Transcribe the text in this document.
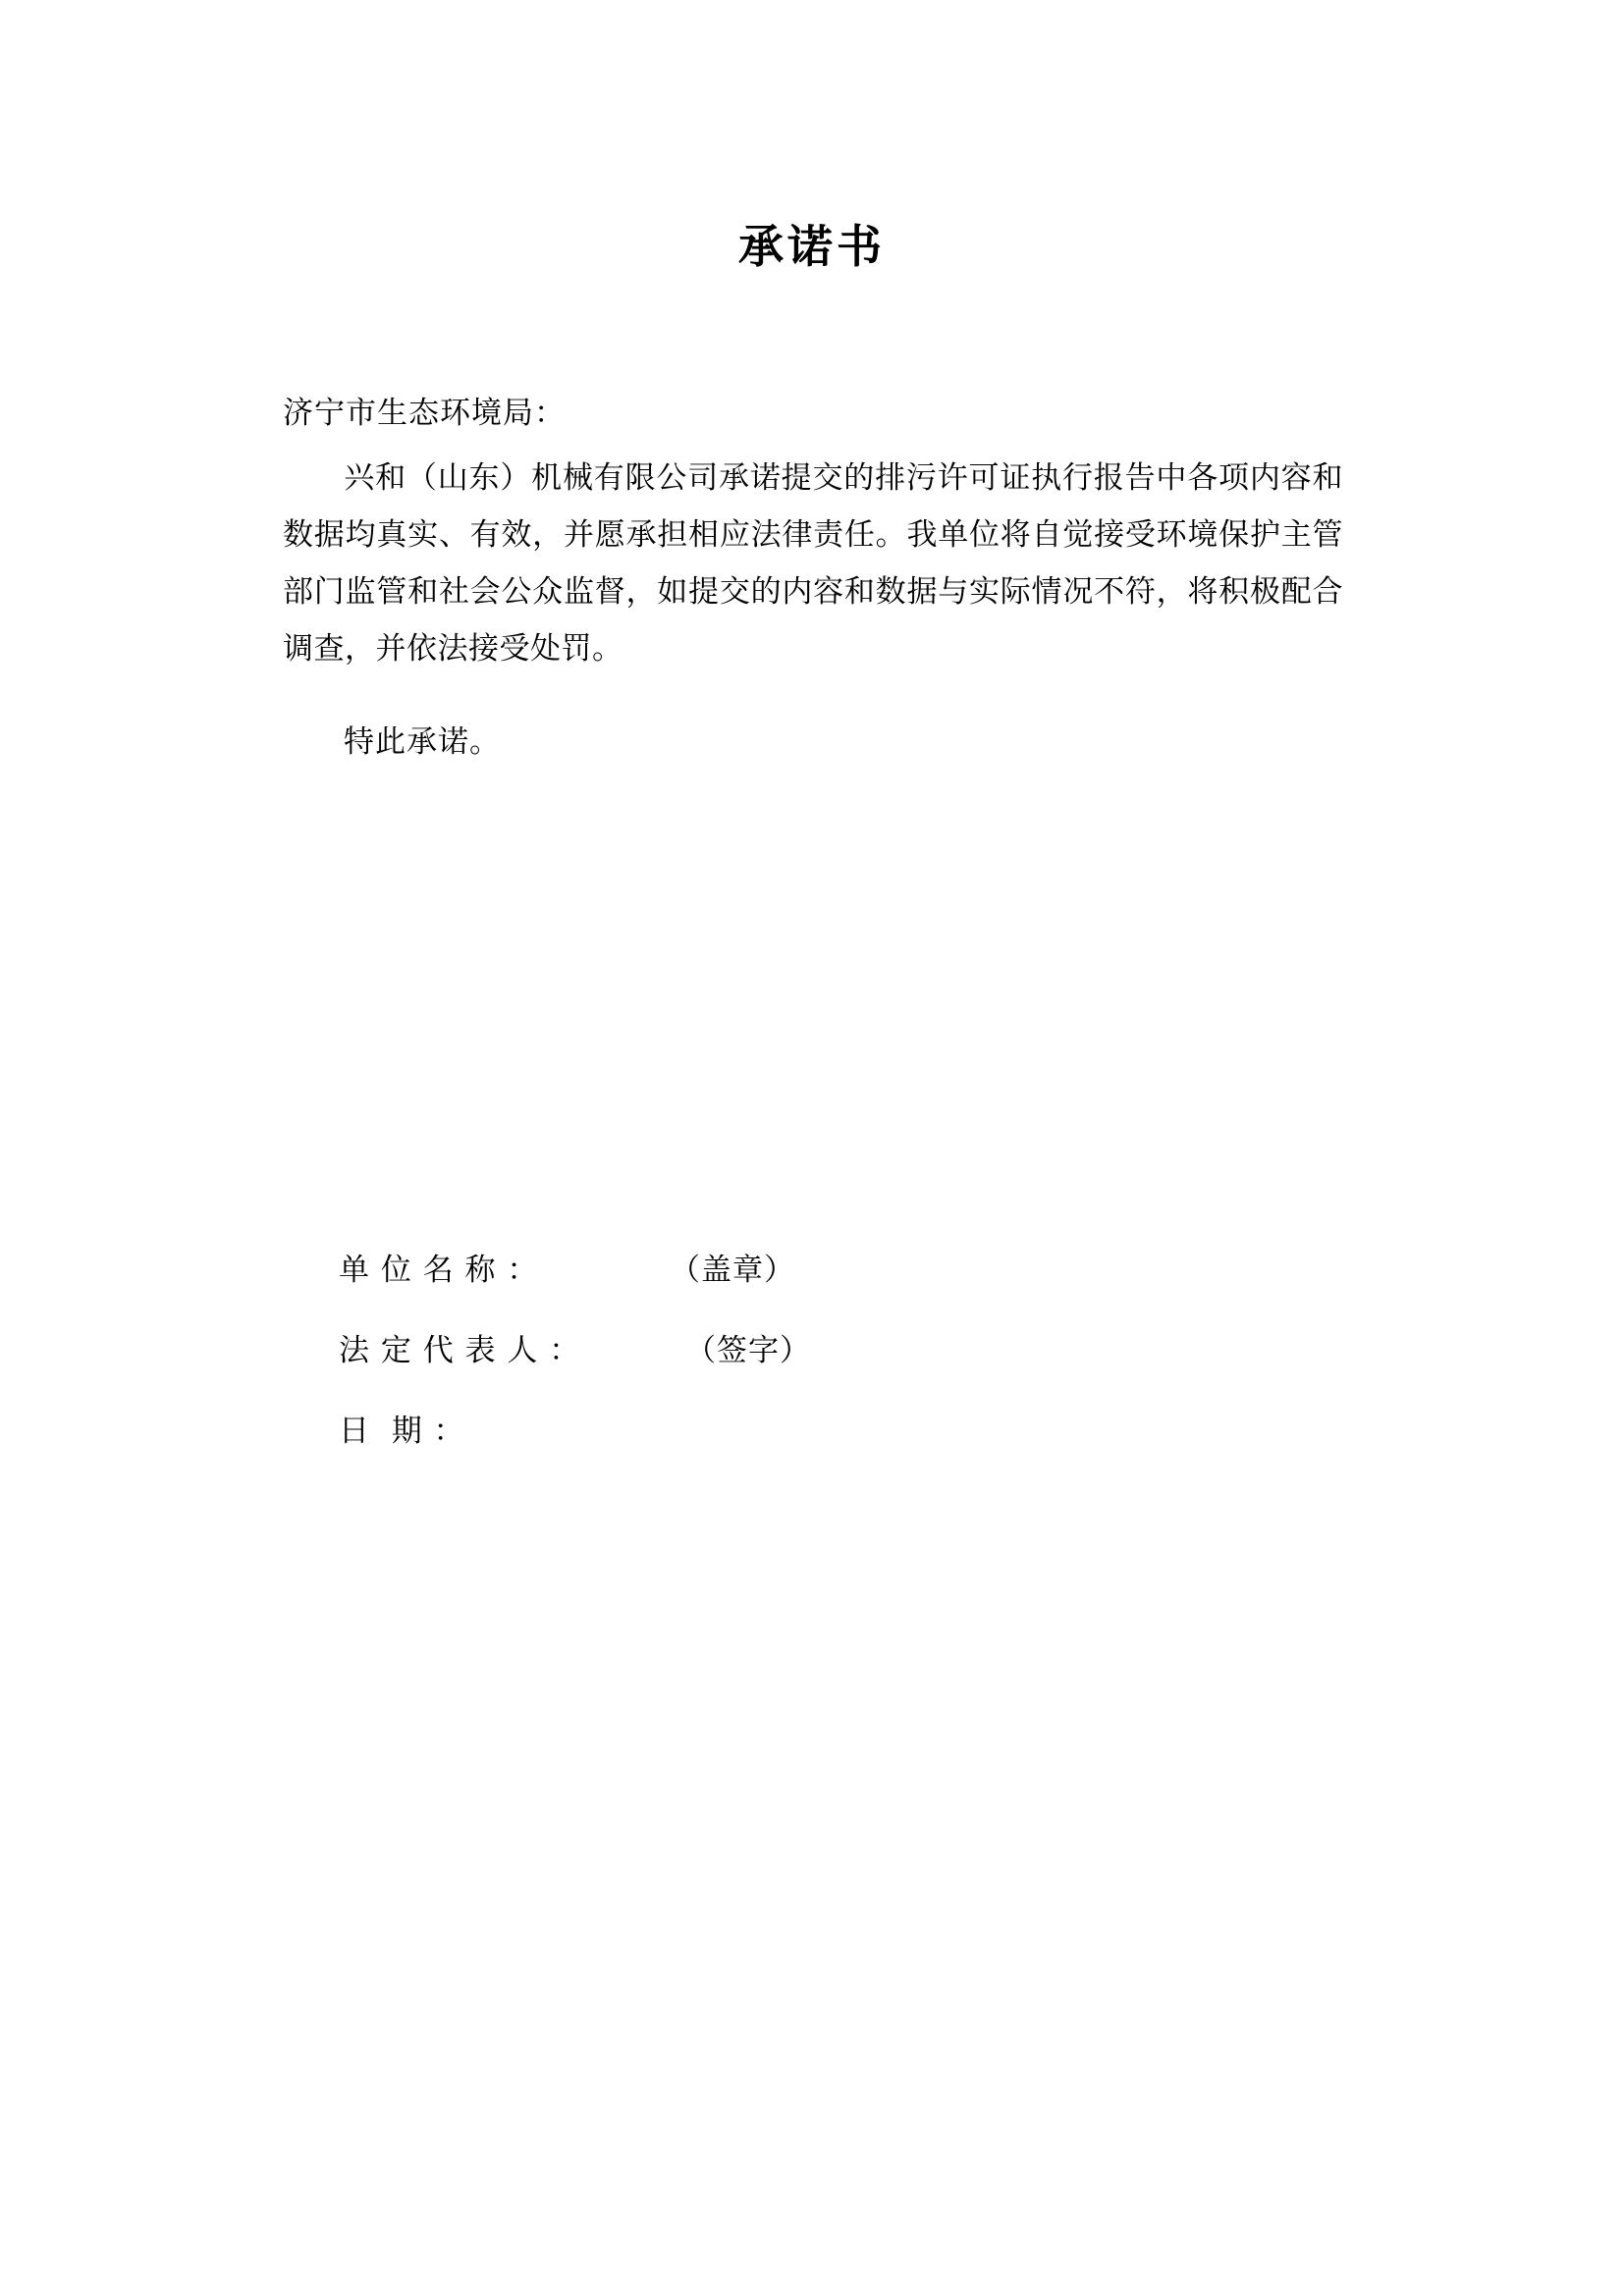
承诺书
济宁市生态环境局：
兴和（山东）机械有限公司承诺提交的排污许可证执行报告中各项内容和数据均真实、有效，并愿承担相应法律责任。我单位将自觉接受环境保护主管部门监管和社会公众监督，如提交的内容和数据与实际情况不符，将积极配合调查，并依法接受处罚。
特此承诺。
单 位 名 称 ：	（盖章）
法 定 代 表 人 ：	（签字）
日  期 ：
